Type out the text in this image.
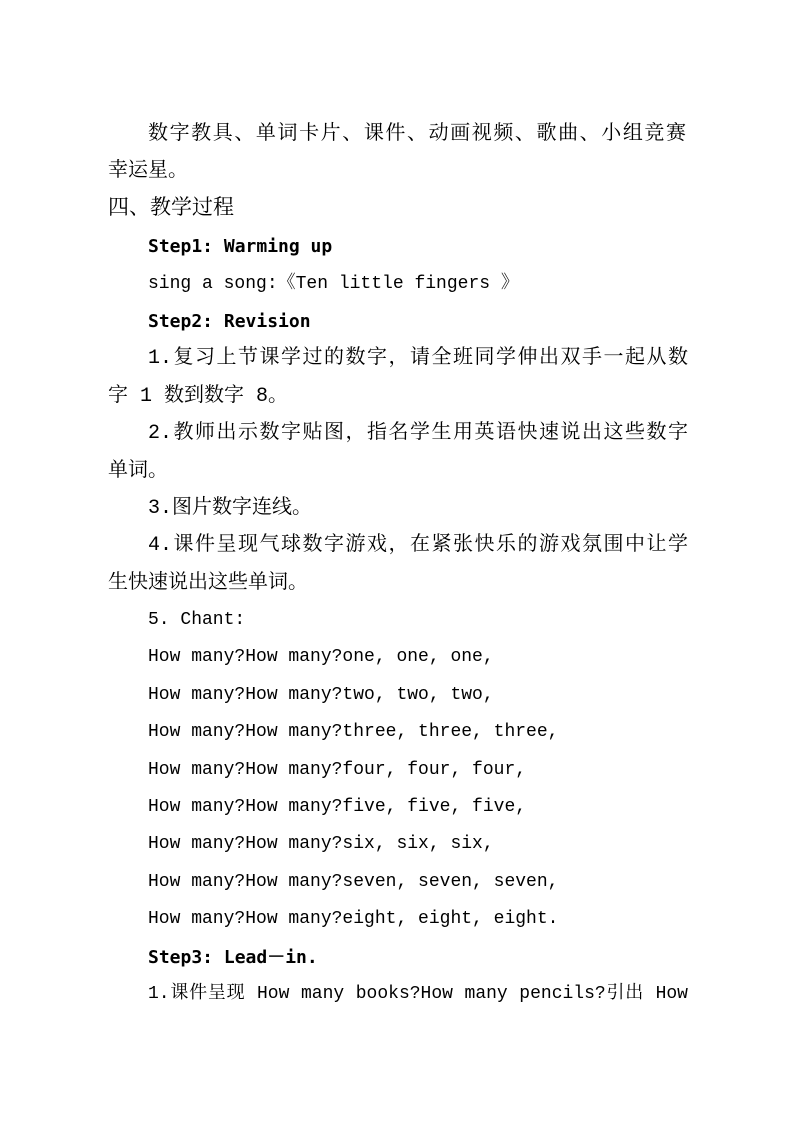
数字教具、单词卡片、课件、动画视频、歌曲、小组竞赛
幸运星。
四、教学过程
Step1: Warming up
sing a song:《Ten little fingers 》
Step2: Revision
1.复习上节课学过的数字，请全班同学伸出双手一起从数
字 1 数到数字 8。
2.教师出示数字贴图，指名学生用英语快速说出这些数字
单词。
3.图片数字连线。
4.课件呈现气球数字游戏，在紧张快乐的游戏氛围中让学
生快速说出这些单词。
5. Chant:
How many?How many?one, one, one,
How many?How many?two, two, two,
How many?How many?three, three, three,
How many?How many?four, four, four,
How many?How many?five, five, five,
How many?How many?six, six, six,
How many?How many?seven, seven, seven,
How many?How many?eight, eight, eight.
Step3: Lead－in.
1.课件呈现 How many books?How many pencils?引出 How
